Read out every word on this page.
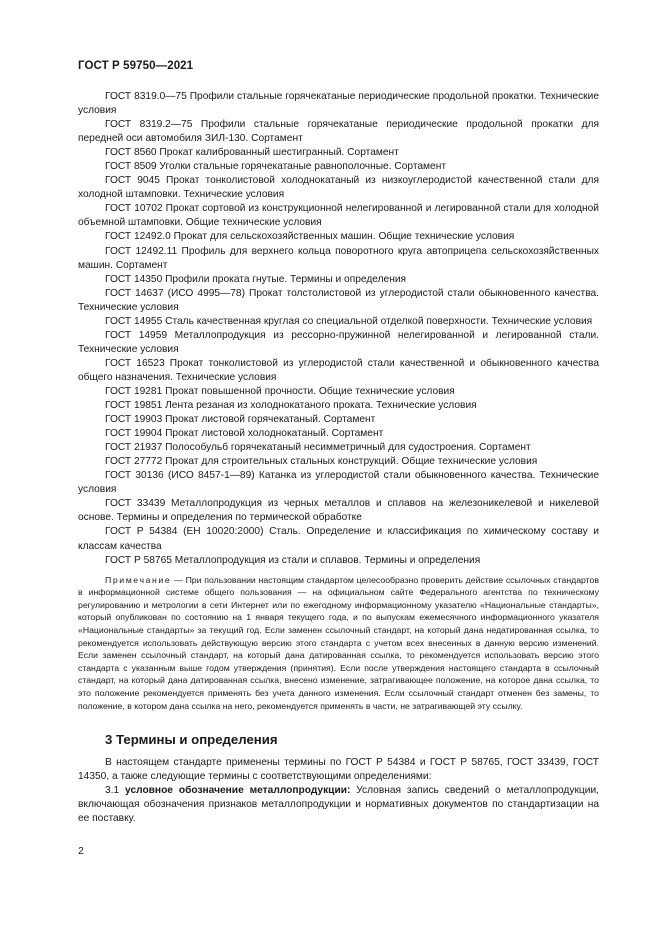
ГОСТ Р 59750—2021

ГОСТ 8319.0—75 Профили стальные горячекатаные периодические продольной прокатки. Технические условия

ГОСТ 8319.2—75 Профили стальные горячекатаные периодические продольной прокатки для передней оси автомобиля ЗИЛ-130. Сортамент

ГОСТ 8560 Прокат калиброванный шестигранный. Сортамент

ГОСТ 8509 Уголки стальные горячекатаные равнополочные. Сортамент

ГОСТ 9045 Прокат тонколистовой холоднокатаный из низкоуглеродистой качественной стали для холодной штамповки. Технические условия

ГОСТ 10702 Прокат сортовой из конструкционной нелегированной и легированной стали для холодной объемной штамповки. Общие технические условия

ГОСТ 12492.0 Прокат для сельскохозяйственных машин. Общие технические условия

ГОСТ 12492.11 Профиль для верхнего кольца поворотного круга автоприцепа сельскохозяйственных машин. Сортамент

ГОСТ 14350 Профили проката гнутые. Термины и определения

ГОСТ 14637 (ИСО 4995—78) Прокат толстолистовой из углеродистой стали обыкновенного качества. Технические условия

ГОСТ 14955 Сталь качественная круглая со специальной отделкой поверхности. Технические условия

ГОСТ 14959 Металлопродукция из рессорно-пружинной нелегированной и легированной стали. Технические условия

ГОСТ 16523 Прокат тонколистовой из углеродистой стали качественной и обыкновенного качества общего назначения. Технические условия

ГОСТ 19281 Прокат повышенной прочности. Общие технические условия

ГОСТ 19851 Лента резаная из холоднокатаного проката. Технические условия

ГОСТ 19903 Прокат листовой горячекатаный. Сортамент

ГОСТ 19904 Прокат листовой холоднокатаный. Сортамент

ГОСТ 21937 Полособульб горячекатаный несимметричный для судостроения. Сортамент

ГОСТ 27772 Прокат для строительных стальных конструкций. Общие технические условия

ГОСТ 30136 (ИСО 8457-1—89) Катанка из углеродистой стали обыкновенного качества. Технические условия

ГОСТ 33439 Металлопродукция из черных металлов и сплавов на железоникелевой и никелевой основе. Термины и определения по термической обработке

ГОСТ Р 54384 (ЕН 10020:2000) Сталь. Определение и классификация по химическому составу и классам качества

ГОСТ Р 58765 Металлопродукция из стали и сплавов. Термины и определения

Примечание — При пользовании настоящим стандартом целесообразно проверить действие ссылочных стандартов в информационной системе общего пользования — на официальном сайте Федерального агентства по техническому регулированию и метрологии в сети Интернет или по ежегодному информационному указателю «Национальные стандарты», который опубликован по состоянию на 1 января текущего года, и по выпускам ежемесячного информационного указателя «Национальные стандарты» за текущий год. Если заменен ссылочный стандарт, на который дана недатированная ссылка, то рекомендуется использовать действующую версию этого стандарта с учетом всех внесенных в данную версию изменений. Если заменен ссылочный стандарт, на который дана датированная ссылка, то рекомендуется использовать версию этого стандарта с указанным выше годом утверждения (принятия). Если после утверждения настоящего стандарта в ссылочный стандарт, на который дана датированная ссылка, внесено изменение, затрагивающее положение, на которое дана ссылка, то это положение рекомендуется применять без учета данного изменения. Если ссылочный стандарт отменен без замены, то положение, в котором дана ссылка на него, рекомендуется применять в части, не затрагивающей эту ссылку.

3 Термины и определения

В настоящем стандарте применены термины по ГОСТ Р 54384 и ГОСТ Р 58765, ГОСТ 33439, ГОСТ 14350, а также следующие термины с соответствующими определениями:

3.1 условное обозначение металлопродукции: Условная запись сведений о металлопродукции, включающая обозначения признаков металлопродукции и нормативных документов по стандартизации на ее поставку.

2
